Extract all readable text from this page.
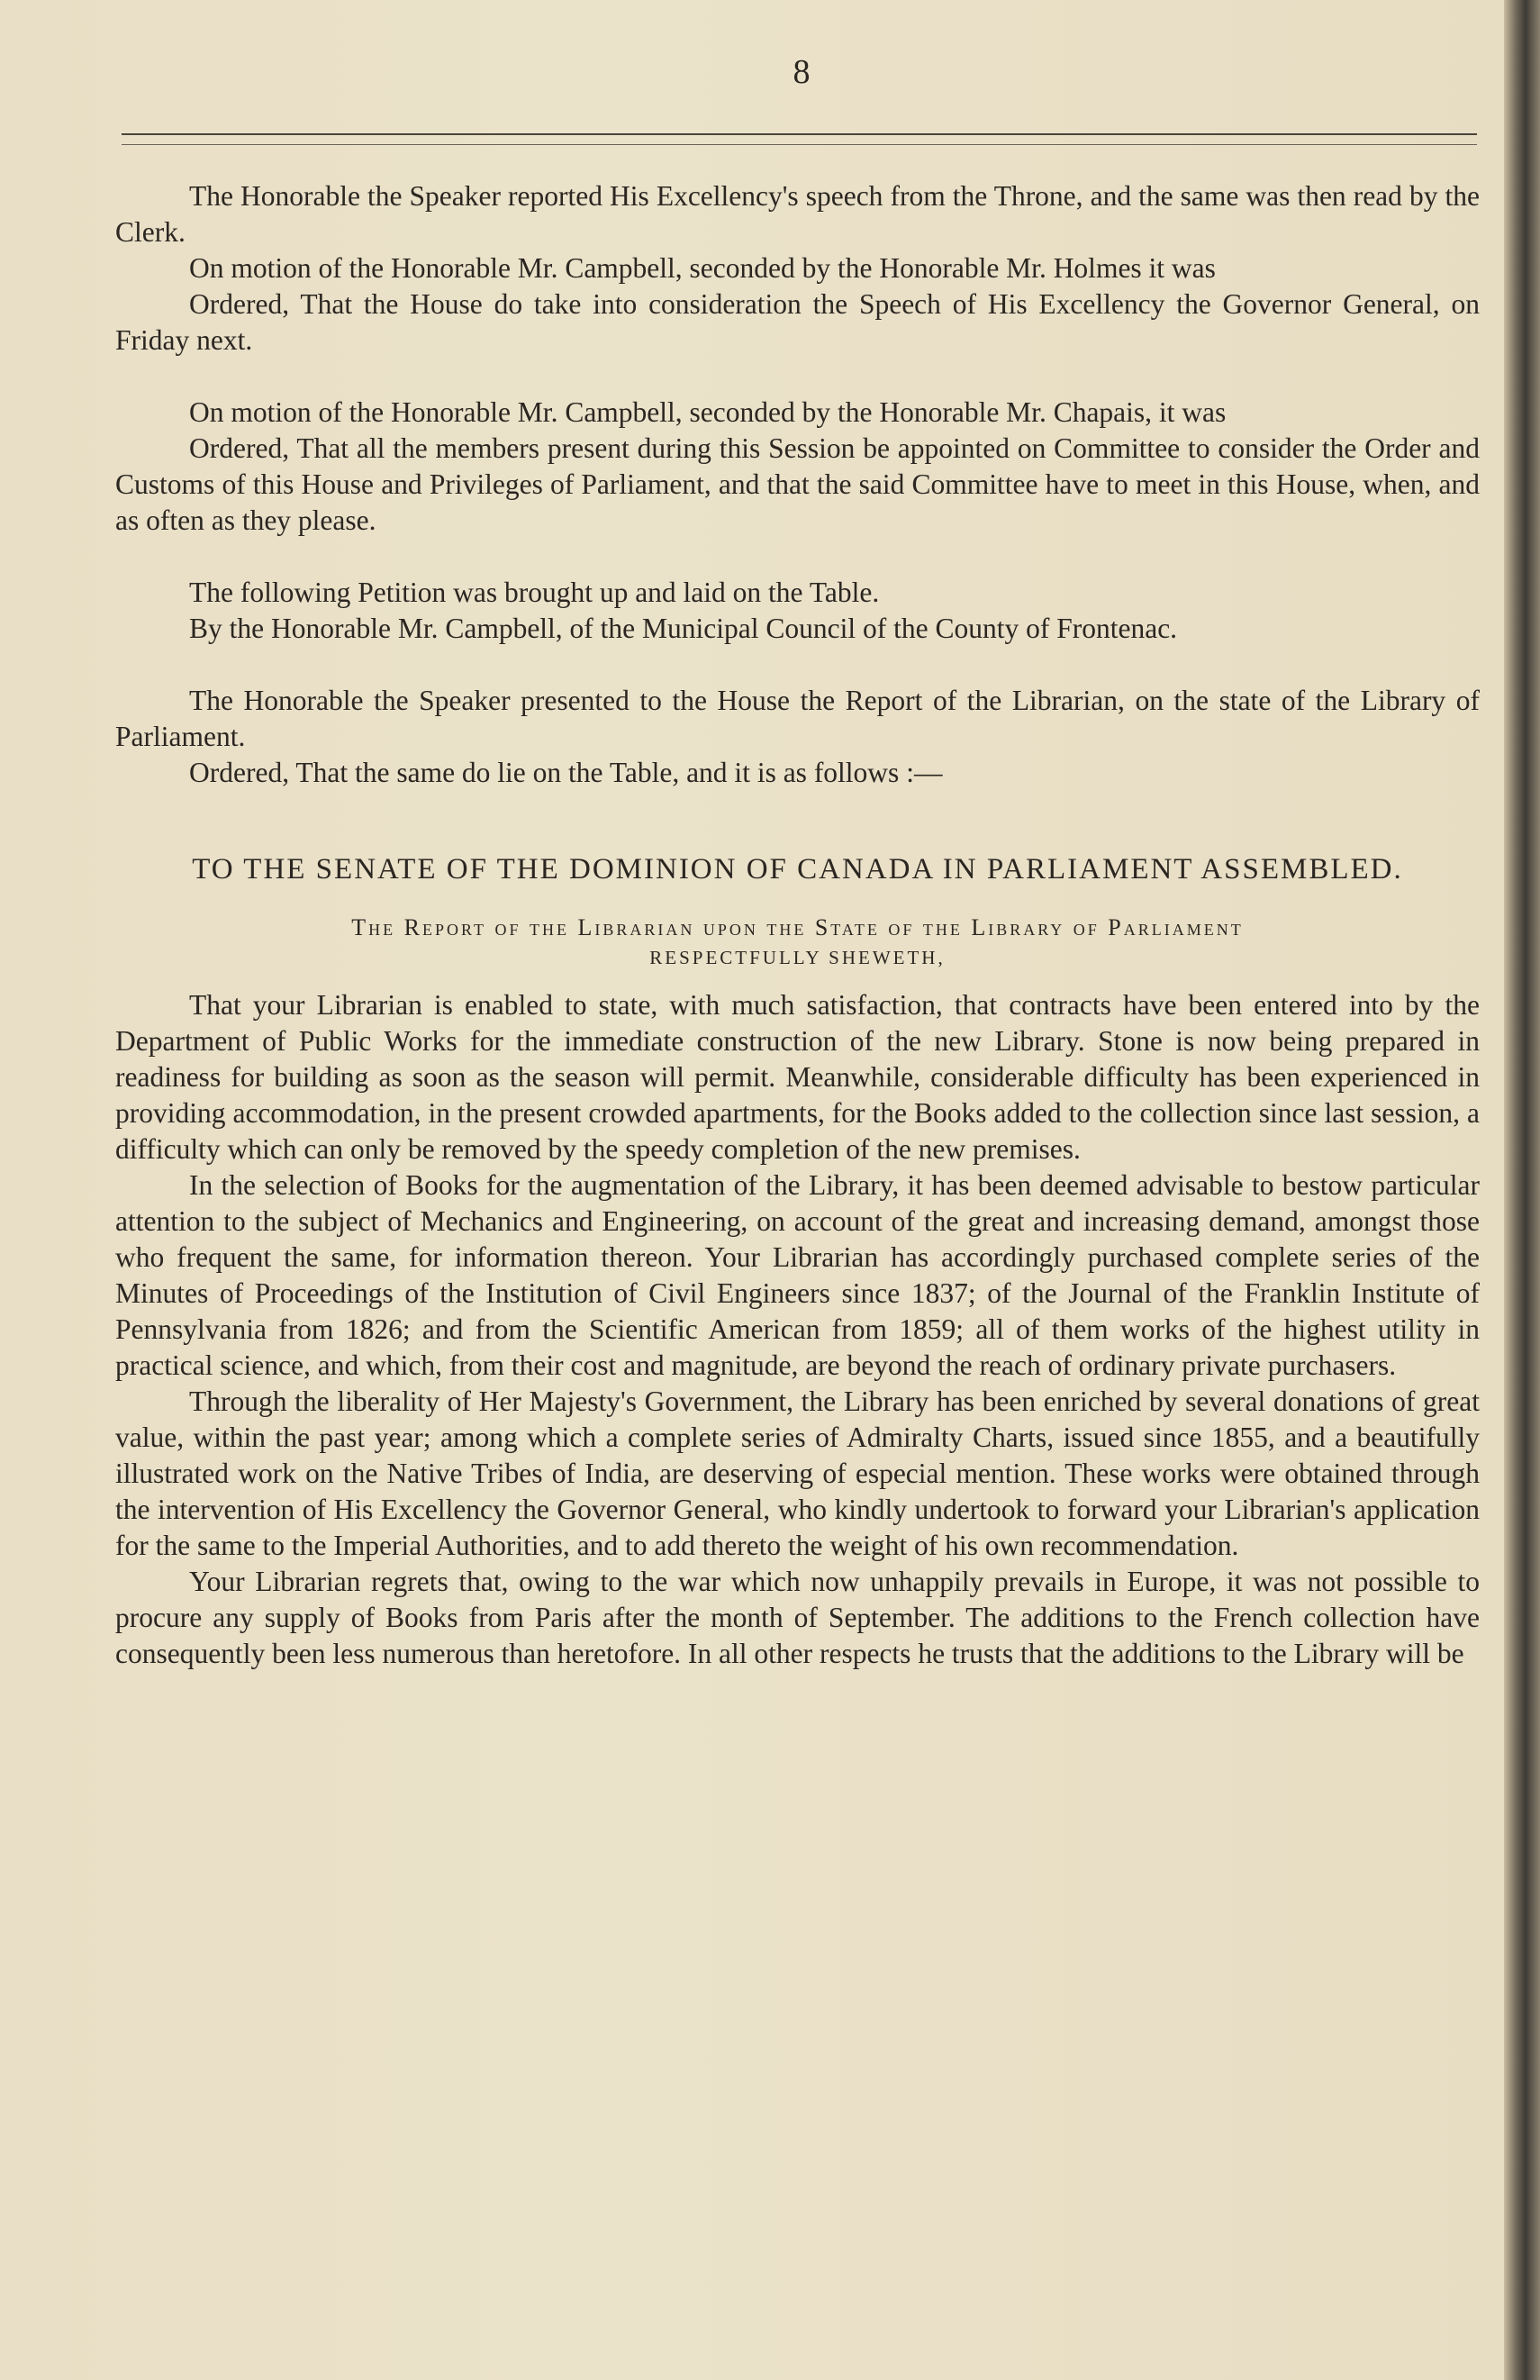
8

The Honorable the Speaker reported His Excellency's speech from the Throne, and the same was then read by the Clerk.

On motion of the Honorable Mr. Campbell, seconded by the Honorable Mr. Holmes it was

Ordered, That the House do take into consideration the Speech of His Excellency the Governor General, on Friday next.

On motion of the Honorable Mr. Campbell, seconded by the Honorable Mr. Chapais, it was

Ordered, That all the members present during this Session be appointed on Committee to consider the Order and Customs of this House and Privileges of Parliament, and that the said Committee have to meet in this House, when, and as often as they please.

The following Petition was brought up and laid on the Table.

By the Honorable Mr. Campbell, of the Municipal Council of the County of Frontenac.

The Honorable the Speaker presented to the House the Report of the Librarian, on the state of the Library of Parliament.

Ordered, That the same do lie on the Table, and it is as follows :—

TO THE SENATE OF THE DOMINION OF CANADA IN PARLIAMENT ASSEMBLED.

The Report of the Librarian upon the State of the Library of Parliament

RESPECTFULLY SHEWETH,

That your Librarian is enabled to state, with much satisfaction, that contracts have been entered into by the Department of Public Works for the immediate construction of the new Library. Stone is now being prepared in readiness for building as soon as the season will permit. Meanwhile, considerable difficulty has been experienced in providing accommodation, in the present crowded apartments, for the Books added to the collection since last session, a difficulty which can only be removed by the speedy completion of the new premises.

In the selection of Books for the augmentation of the Library, it has been deemed advisable to bestow particular attention to the subject of Mechanics and Engineering, on account of the great and increasing demand, amongst those who frequent the same, for information thereon. Your Librarian has accordingly purchased complete series of the Minutes of Proceedings of the Institution of Civil Engineers since 1837; of the Journal of the Franklin Institute of Pennsylvania from 1826; and from the Scientific American from 1859; all of them works of the highest utility in practical science, and which, from their cost and magnitude, are beyond the reach of ordinary private purchasers.

Through the liberality of Her Majesty's Government, the Library has been enriched by several donations of great value, within the past year; among which a complete series of Admiralty Charts, issued since 1855, and a beautifully illustrated work on the Native Tribes of India, are deserving of especial mention. These works were obtained through the intervention of His Excellency the Governor General, who kindly undertook to forward your Librarian's application for the same to the Imperial Authorities, and to add thereto the weight of his own recommendation.

Your Librarian regrets that, owing to the war which now unhappily prevails in Europe, it was not possible to procure any supply of Books from Paris after the month of September. The additions to the French collection have consequently been less numerous than heretofore. In all other respects he trusts that the additions to the Library will be
